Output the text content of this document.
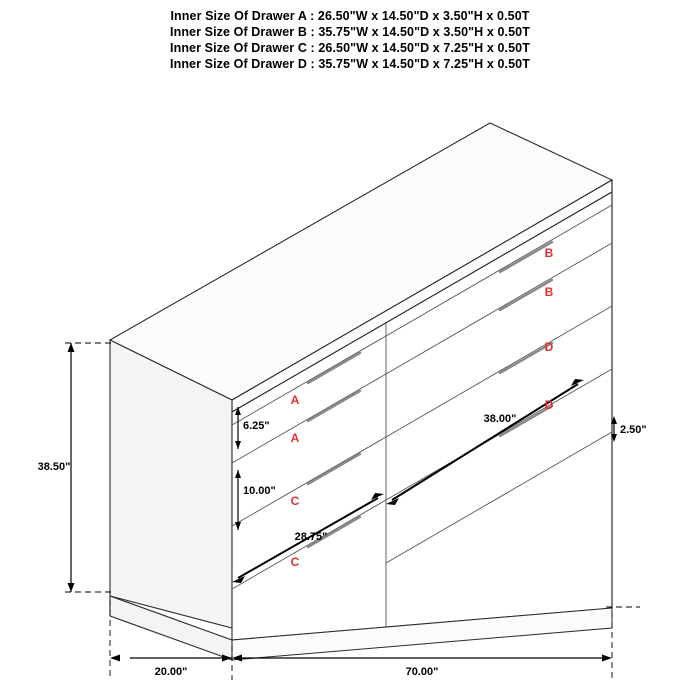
Inner Size Of Drawer A : 26.50"W x 14.50"D x 3.50"H x 0.50T
Inner Size Of Drawer B : 35.75"W x 14.50"D x 3.50"H x 0.50T
Inner Size Of Drawer C : 26.50"W x 14.50"D x 7.25"H x 0.50T
Inner Size Of Drawer D : 35.75"W x 14.50"D x 7.25"H x 0.50T
38.50"
20.00"	70.00"
6.25"
10.00"
2.50"
38.00"
28.75"
B
B
D
D
A
A
C
C
